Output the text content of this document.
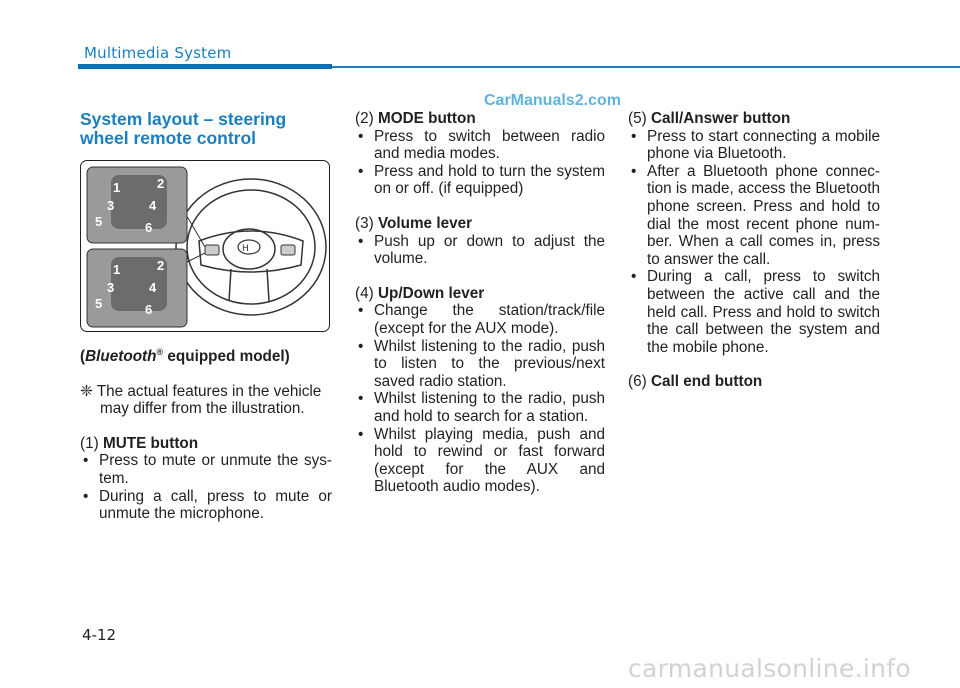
Multimedia System
CarManuals2.com
System layout – steering wheel remote control
H
1	2
3	4
5	6
1	2
3	4
5	6
(Bluetooth® equipped model)
❈ The actual features in the vehicle may differ from the illustration.
(1) MUTE button
• Press to mute or unmute the sys-tem.
• During a call, press to mute or unmute the microphone.
(2) MODE button
• Press to switch between radio and media modes.
• Press and hold to turn the system on or off. (if equipped)
(3) Volume lever
• Push up or down to adjust the volume.
(4) Up/Down lever
• Change the station/track/file (except for the AUX mode).
• Whilst listening to the radio, push to listen to the previous/next saved radio station.
• Whilst listening to the radio, push and hold to search for a station.
• Whilst playing media, push and hold to rewind or fast forward (except for the AUX and Bluetooth audio modes).
(5) Call/Answer button
• Press to start connecting a mobile phone via Bluetooth.
• After a Bluetooth phone connec-tion is made, access the Bluetooth phone screen. Press and hold to dial the most recent phone num-ber. When a call comes in, press to answer the call.
• During a call, press to switch between the active call and the held call. Press and hold to switch the call between the system and the mobile phone.
(6) Call end button
4-12
carmanualsonline.info
